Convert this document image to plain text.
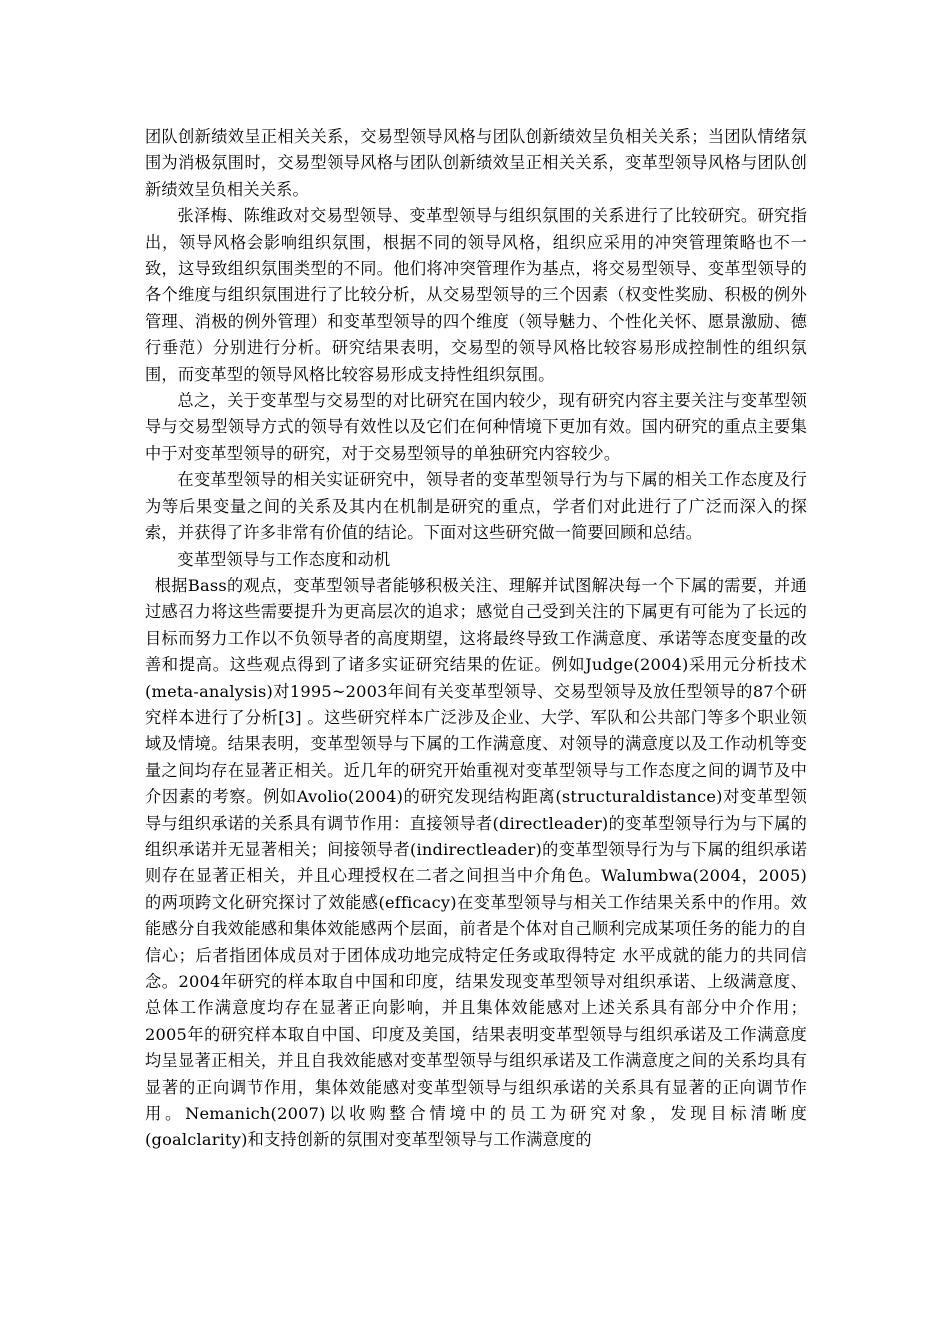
团队创新绩效呈正相关关系，交易型领导风格与团队创新绩效呈负相关关系；当团队情绪氛围为消极氛围时，交易型领导风格与团队创新绩效呈正相关关系，变革型领导风格与团队创新绩效呈负相关关系。

张泽梅、陈维政对交易型领导、变革型领导与组织氛围的关系进行了比较研究。研究指出，领导风格会影响组织氛围，根据不同的领导风格，组织应采用的冲突管理策略也不一致，这导致组织氛围类型的不同。他们将冲突管理作为基点，将交易型领导、变革型领导的各个维度与组织氛围进行了比较分析，从交易型领导的三个因素（权变性奖励、积极的例外管理、消极的例外管理）和变革型领导的四个维度（领导魅力、个性化关怀、愿景激励、德行垂范）分别进行分析。研究结果表明，交易型的领导风格比较容易形成控制性的组织氛围，而变革型的领导风格比较容易形成支持性组织氛围。

总之，关于变革型与交易型的对比研究在国内较少，现有研究内容主要关注与变革型领导与交易型领导方式的领导有效性以及它们在何种情境下更加有效。国内研究的重点主要集中于对变革型领导的研究，对于交易型领导的单独研究内容较少。

在变革型领导的相关实证研究中，领导者的变革型领导行为与下属的相关工作态度及行为等后果变量之间的关系及其内在机制是研究的重点，学者们对此进行了广泛而深入的探索，并获得了许多非常有价值的结论。下面对这些研究做一简要回顾和总结。

变革型领导与工作态度和动机

根据Bass的观点，变革型领导者能够积极关注、理解并试图解决每一个下属的需要，并通过感召力将这些需要提升为更高层次的追求；感觉自己受到关注的下属更有可能为了长远的目标而努力工作以不负领导者的高度期望，这将最终导致工作满意度、承诺等态度变量的改善和提高。这些观点得到了诸多实证研究结果的佐证。例如Judge(2004)采用元分析技术(meta-analysis)对1995~2003年间有关变革型领导、交易型领导及放任型领导的87个研究样本进行了分析[3] 。这些研究样本广泛涉及企业、大学、军队和公共部门等多个职业领域及情境。结果表明，变革型领导与下属的工作满意度、对领导的满意度以及工作动机等变量之间均存在显著正相关。近几年的研究开始重视对变革型领导与工作态度之间的调节及中介因素的考察。例如Avolio(2004)的研究发现结构距离(structuraldistance)对变革型领导与组织承诺的关系具有调节作用：直接领导者(directleader)的变革型领导行为与下属的组织承诺并无显著相关；间接领导者(indirectleader)的变革型领导行为与下属的组织承诺则存在显著正相关，并且心理授权在二者之间担当中介角色。Walumbwa(2004，2005)的两项跨文化研究探讨了效能感(efficacy)在变革型领导与相关工作结果关系中的作用。效能感分自我效能感和集体效能感两个层面，前者是个体对自己顺利完成某项任务的能力的自信心；后者指团体成员对于团体成功地完成特定任务或取得特定 水平成就的能力的共同信念。2004年研究的样本取自中国和印度，结果发现变革型领导对组织承诺、上级满意度、总体工作满意度均存在显著正向影响，并且集体效能感对上述关系具有部分中介作用；2005年的研究样本取自中国、印度及美国，结果表明变革型领导与组织承诺及工作满意度均呈显著正相关，并且自我效能感对变革型领导与组织承诺及工作满意度之间的关系均具有显著的正向调节作用，集体效能感对变革型领导与组织承诺的关系具有显著的正向调节作用。Nemanich(2007)以收购整合情境中的员工为研究对象，发现目标清晰度(goalclarity)和支持创新的氛围对变革型领导与工作满意度的
